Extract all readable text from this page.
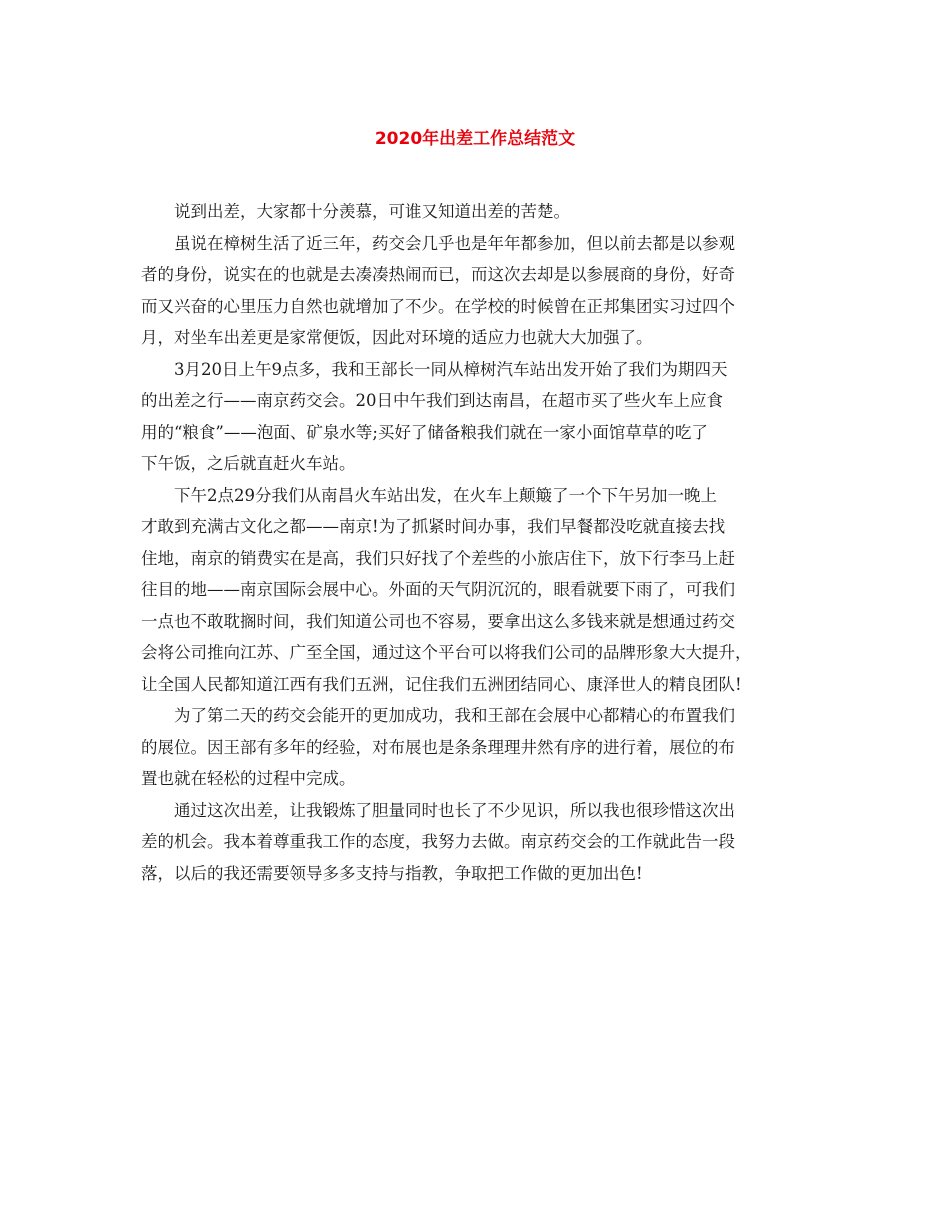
2020年出差工作总结范文

说到出差，大家都十分羡慕，可谁又知道出差的苦楚。

虽说在樟树生活了近三年，药交会几乎也是年年都参加，但以前去都是以参观
者的身份，说实在的也就是去凑凑热闹而已，而这次去却是以参展商的身份，好奇
而又兴奋的心里压力自然也就增加了不少。在学校的时候曾在正邦集团实习过四个
月，对坐车出差更是家常便饭，因此对环境的适应力也就大大加强了。

3月20日上午9点多，我和王部长一同从樟树汽车站出发开始了我们为期四天
的出差之行——南京药交会。20日中午我们到达南昌，在超市买了些火车上应食
用的“粮食”——泡面、矿泉水等;买好了储备粮我们就在一家小面馆草草的吃了
下午饭，之后就直赶火车站。

下午2点29分我们从南昌火车站出发，在火车上颠簸了一个下午另加一晚上
才敢到充满古文化之都——南京!为了抓紧时间办事，我们早餐都没吃就直接去找
住地，南京的销费实在是高，我们只好找了个差些的小旅店住下，放下行李马上赶
往目的地——南京国际会展中心。外面的天气阴沉沉的，眼看就要下雨了，可我们
一点也不敢耽搁时间，我们知道公司也不容易，要拿出这么多钱来就是想通过药交
会将公司推向江苏、广至全国，通过这个平台可以将我们公司的品牌形象大大提升，
让全国人民都知道江西有我们五洲，记住我们五洲团结同心、康泽世人的精良团队!

为了第二天的药交会能开的更加成功，我和王部在会展中心都精心的布置我们
的展位。因王部有多年的经验，对布展也是条条理理井然有序的进行着，展位的布
置也就在轻松的过程中完成。

通过这次出差，让我锻炼了胆量同时也长了不少见识，所以我也很珍惜这次出
差的机会。我本着尊重我工作的态度，我努力去做。南京药交会的工作就此告一段
落，以后的我还需要领导多多支持与指教，争取把工作做的更加出色!
